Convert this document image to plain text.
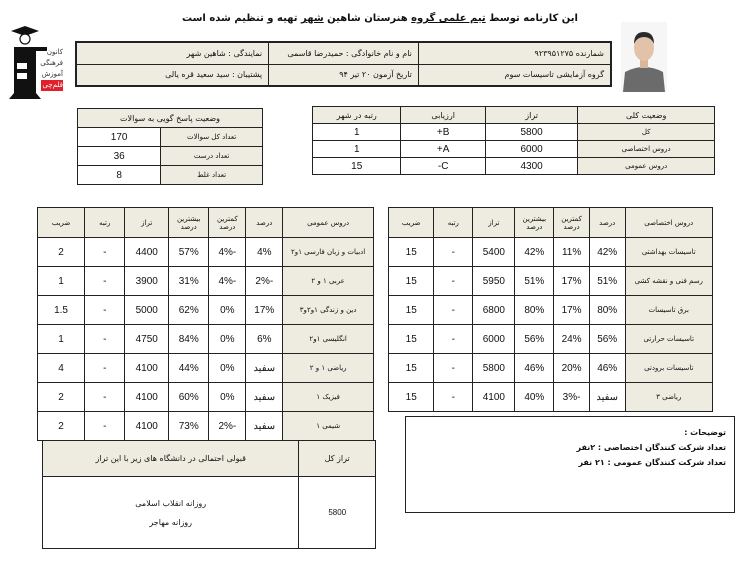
این کارنامه توسط تیم علمی گروه هنرستان شاهین شهر تهیه و تنظیم شده است
کانون
فرهنگی
آموزش
قلم‌چی
شمارنده ۹۲۳۹۵۱۲۷۵	نام و نام خانوادگی : حمیدرضا قاسمی	نمایندگی : شاهین شهر
گروه آزمایشی تاسیسات سوم	تاریخ آزمون ۲۰ تیر ۹۴	پشتیبان : سید سعید قره یالی
وضعیت پاسخ گویی به سوالات	
تعداد کل سوالات	170
تعداد درست	36
تعداد غلط	8
وضعیت کلی	تراز	ارزیابی	رتبه در شهر
کل	5800	B+	1
دروس اختصاصی	6000	A+	1
دروس عمومی	4300	C-	15
دروس عمومی	درصد	کمترین درصد	بیشترین درصد	تراز	رتبه	ضریب
ادبیات و زبان فارسی ۱و۲	4%	-4%	57%	4400	-	2
عربی ۱ و ۲	-2%	-4%	31%	3900	-	1
دین و زندگی ۱و۲و۳	17%	0%	62%	5000	-	1.5
انگلیسی ۱و۲	6%	0%	84%	4750	-	1
ریاضی ۱ و ۲	سفید	0%	44%	4100	-	4
فیزیک ۱	سفید	0%	60%	4100	-	2
شیمی ۱	سفید	-2%	73%	4100	-	2
دروس اختصاصی	درصد	کمترین درصد	بیشترین درصد	تراز	رتبه	ضریب
تاسیسات بهداشتی	42%	11%	42%	5400	-	15
رسم فنی و نقشه کشی	51%	17%	51%	5950	-	15
برق تاسیسات	80%	17%	80%	6800	-	15
تاسیسات حرارتی	56%	24%	56%	6000	-	15
تاسیسات برودتی	46%	20%	46%	5800	-	15
ریاضی ۳	سفید	-3%	40%	4100	-	15
توضیحات :
تعداد شرکت کنندگان اختصاصی : ۲نفر
تعداد شرکت کنندگان عمومی : ۲۱ نفر
تراز کل	قبولی احتمالی در دانشگاه های زیر با این تراز
5800	روزانه انقلاب اسلامی
روزانه مهاجر
